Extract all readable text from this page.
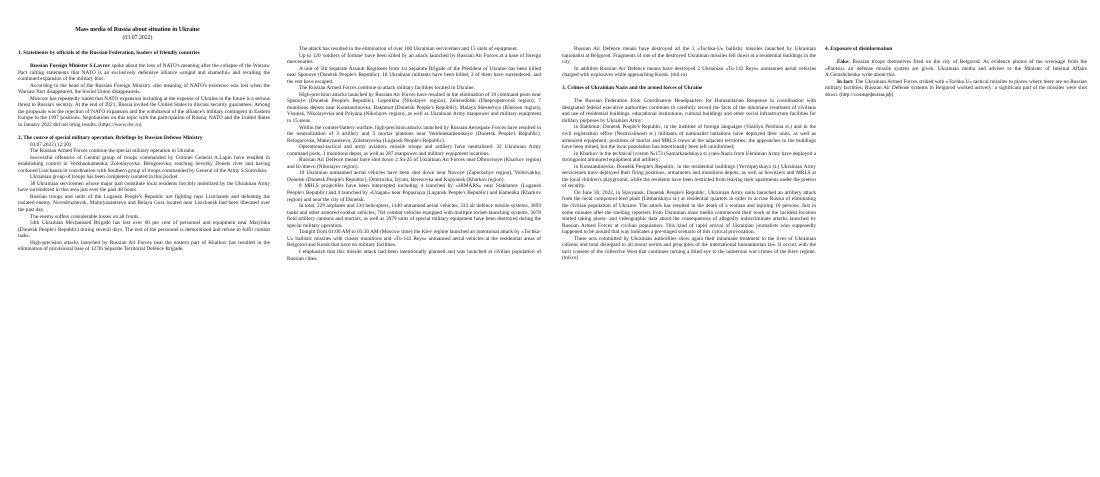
Mass media of Russia about situation in Ukraine
(03.07.2022)
1. Statements by officials of the Russian Federation, leaders of friendly countries

Russian Foreign Minister S.Lavrov spoke about the loss of NATO's meaning after the collapse of the Warsaw Pact calling statements that NATO is an exclusively defensive alliance «stupid and shameful» and recalling the continued expansion of the military bloc.

According to the head of the Russian Foreign Ministry «the meaning of NATO's existence was lost when the Warsaw Pact disappeared, the Soviet Union disappeared».

Moscow has repeatedly stated that NATO expansion including at the expense of Ukraine in the future is a serious threat to Russia's security. At the end of 2021, Russia invited the United States to discuss security guarantees. Among the proposals was the rejection of NATO expansion and the withdrawal of the alliance's military contingent in Eastern Europe to the 1997 positions. Negotiations on this topic with the participation of Russia, NATO and the United States in January 2022 did not bring results. (https://www.rbc.ru)

2. The course of special military operation. Briefings by Russian Defense Ministry

03.07.2022 (12:20)

The Russian Armed Forces continue the special military operation in Ukraine.

Successful offensive of Central group of troops commanded by Colonel General A.Lapin have resulted in establishing control in Verkhnokamenka, Zolotaryovka, Belogorovka, reaching Severky Donets river and having cordoned Lisichansk in coordination with Southern group of troops commanded by General of the Army S.Surovikin.

Ukrainian group of troops has been completely isolated in this pocket.

38 Ukrainian servicemen whose major part constitute local residents forcibly mobilized by the Ukrainian Army have surrendered in this area just over the past 48 hours.

Russian troops and units of the Lugansk People's Republic are fighting near Lisichansk and defeating the isolated enemy. Novodruzhevsk, Maloryazantsevo and Belaya Gora located near Lisichansk had been liberated over the past day.

The enemy suffers considerable losses on all fronts.

54th Ukrainian Mechanized Brigade has lost over 60 per cent of personnel and equipment near Maryinka (Donetsk People's Republic) during several days. The rest of the personnel is demoralized and refuse to fulfil combat tasks.

High-precision attacks launched by Russian Air Forces near the eastern part of Kharkov has resulted in the elimination of provisional base of 127th Separate Territorial Defence Brigade.

The attack has resulted in the elimination of over 100 Ukrainian servicemen and 15 units of equipment.

Up to 120 'soldiers of fortune' have been killed by an attack launched by Russian Air Forces at a base of foreign mercenaries.

A unit of 5th Separate Assault Regiment from 1st Separate Brigade of the President of Ukraine has been killed near Sponoye (Donetsk People's Republic). 18 Ukrainian militants have been killed, 2 of them have surrendered, and the rest have escaped.

The Russian Armed Forces continue to attack military facilities located in Ukraine.

High-precision attacks launched by Russian Air Forces have resulted in the elimination of 10 command posts near Sponoye (Donetsk People's Republic), Lepetikha (Nikolayev region), Zelenodolsk (Dnepropetrovsk region), 7 munitions depots near Konstantinovka, Bakhmut (Donetsk People's Republic), Malaya Shesternya (Kherson region), Visunsk, Nikolayevka and Polyana (Nikolayev region), as well as Ukrainian Army manpower and military equipment in 15 areas.

Within the counter-battery warfare, high-precision attacks launched by Russian Aerospace Forces have resulted in the neutralization of 3 artillery and 5 mortar platoons near Verkhnekamenskoye (Donetsk People's Republic), Belogorovka, Makeyzantsevo, Zolotaryovka (Lugansk People's Republic).

Operational-tactical and army aviation, missile troops and artillery have neutralized: 32 Ukrainian Army command posts, 3 munitions depot, as well as 287 manpower and military equipment locations.

Russian Air Defence means have shot down 2 Su-25 of Ukrainian Air Forces near Dibrovnoye (Kharkov region) and Kvitnevo (Nikolayev region).

10 Ukrainian unmanned aerial vehicles have been shot down near Novoye (Zaporozhye region), Volnovakha, Donetsk (Donetsk People's Republic), Dmitrovka, Izyum, Berezovka and Kupyansk (Kharkov region).

8 MRLS projectiles have been intercepted including 4 launched by «HIMARS» near Stakhanov (Lugansk People's Republic) and 4 launched by «Uragan» near Popasnaya (Lugansk People's Republic) and Kamenka (Kharkov region) and near the city of Donetsk.

In total, 229 airplanes and 134 helicopters, 1440 unmanned aerial vehicles, 333 air defence missile systems, 3893 tanks and other armored combat vehicles, 704 combat vehicles equipped with multiple rocket-launching systems, 3078 field artillery cannons and mortars, as well as 3979 units of special military equipment have been destroyed during the special military operation.

Tonight from 01:00 AM to 03:30 AM (Moscow time) the Kiev regime launched an intentional attack by «Tochka-U» ballistic missiles with cluster munitions and «Tu-143 Reys» unmanned aerial vehicles at the residential areas of Belgorod and Kursk that have no military facilities.

I emphasize that this missile attack had been intentionally planned and was launched at civilian population of Russian cities.

Russian Air Defence means have destroyed all the 3 «Tochka-U» ballistic missiles launched by Ukrainian nationalist at Belgorod. Fragments of one of the destroyed Ukrainian missiles fell down at a residential buildings in the city.

In addition Russian Air Defence means have destroyed 2 Ukrainian «Tu-143 Reys» unmanned aerial vehicles charged with explosives while approaching Kursk. (mil.ru)

3. Crimes of Ukrainian Nazis and the armed forces of Ukraine

The Russian Federation Joint Coordination Headquarters for Humanitarian Response in coordination with designated federal executive authorities continues to carefully record the facts of the inhumane treatment of civilians and use of residential buildings, educational institutions, cultural buildings and other social infrastructure facilities for military purposes by Ukrainian Army:

in Bakhmut, Donetsk People's Republic, in the institute of foreign languages (Vasiliya Pershina st.) and in the civil registration office (Nezavisimosti st.) militants of nationalist battalions have deployed their units, as well as armoured equipment, positions of mortar and MRLS crews at the adjacent territories, the approaches to the buildings have been mined, but the local population has intentionally been left uninformed;

in Kharkov in the technical lyceum №173 (Samarkandskaya st.) neo-Nazis from Ukrainian Army have deployed a strongpoint armoured equipment and artillery;

in Konstantinovka, Donetsk People's Republic, in the residential buildings (Yevropeyskaya st.) Ukrainian Army servicemen have deployed their firing positions, armaments and munitions depots, as well as howitzers and MRLS at the local children's playground, while the residents have been restricted from leaving their apartments under the pretext of security.

On June 30, 2022, in Slavyansk, Donetsk People's Republic, Ukrainian Army units launched an artillery attack from the local compound feed plant (Litmanskaya st.) at residential quarters in order to accuse Russia of eliminating the civilian population of Ukraine. The attack has resulted in the death of a woman and injuring 10 persons. Just in some minutes after the shelling reporters from Ukrainian mass media commenced their work at the incident location started taking photo- and videographic data about the consequences of allegedly indiscriminate attacks launched by Russian Armed Forces at civilian population. This kind of rapid arrival of Ukrainian journalists who supposedly happened to be around that way indicates a pre-staged scenario of this cynical provocation.

These acts committed by Ukrainian authorities show again their inhumane treatment to the lives of Ukrainian citizens and total disregard to all moral norms and principles of the international humanitarian law. It occurs with the tacit consent of the collective West that continues turning a blind eye to the numerous war crimes of the Kiev regime. (mil.ru)

4. Exposure of disinformation

Fake: Russian troops themselves fired on the city of Belgorod. As evidence photos of the wreckage from the «Pantsir» air defense missile system are given. Ukrainian media and adviser to the Minister of Internal Affairs A.Gerashchenko write about this.

In fact: The Ukrainian Armed Forces striked with «Tochka U» tactical missiles to places where there are no Russian military facilities. Russian Air Defense systems in Belgorod worked actively: a significant part of the missiles were shot down. (http://солнцефильм.рф)
